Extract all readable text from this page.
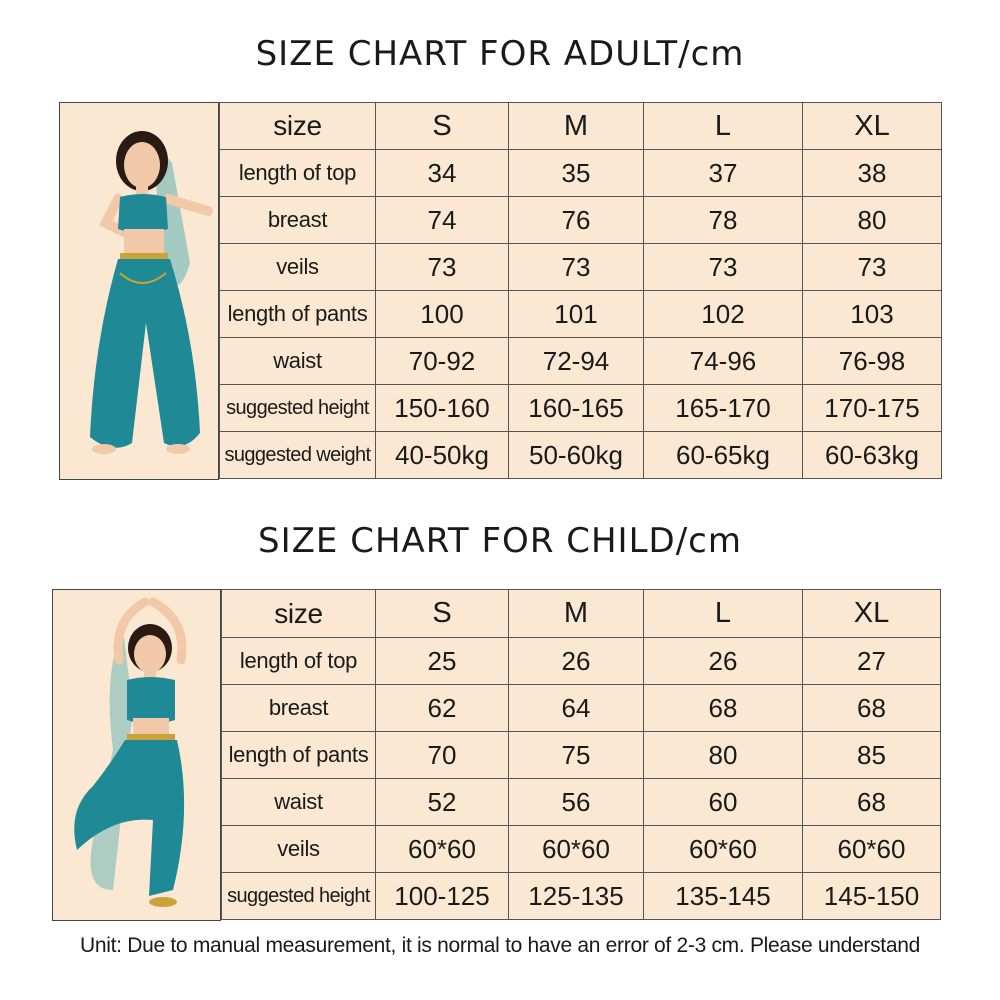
SIZE CHART FOR ADULT/cm
size	S	M	L	XL
length of top	34	35	37	38
breast	74	76	78	80
veils	73	73	73	73
length of pants	100	101	102	103
waist	70-92	72-94	74-96	76-98
suggested height	150-160	160-165	165-170	170-175
suggested weight	40-50kg	50-60kg	60-65kg	60-63kg
SIZE CHART FOR CHILD/cm
size	S	M	L	XL
length of top	25	26	26	27
breast	62	64	68	68
length of pants	70	75	80	85
waist	52	56	60	68
veils	60*60	60*60	60*60	60*60
suggested height	100-125	125-135	135-145	145-150
Unit: Due to manual measurement, it is normal to have an error of 2-3 cm. Please understand
